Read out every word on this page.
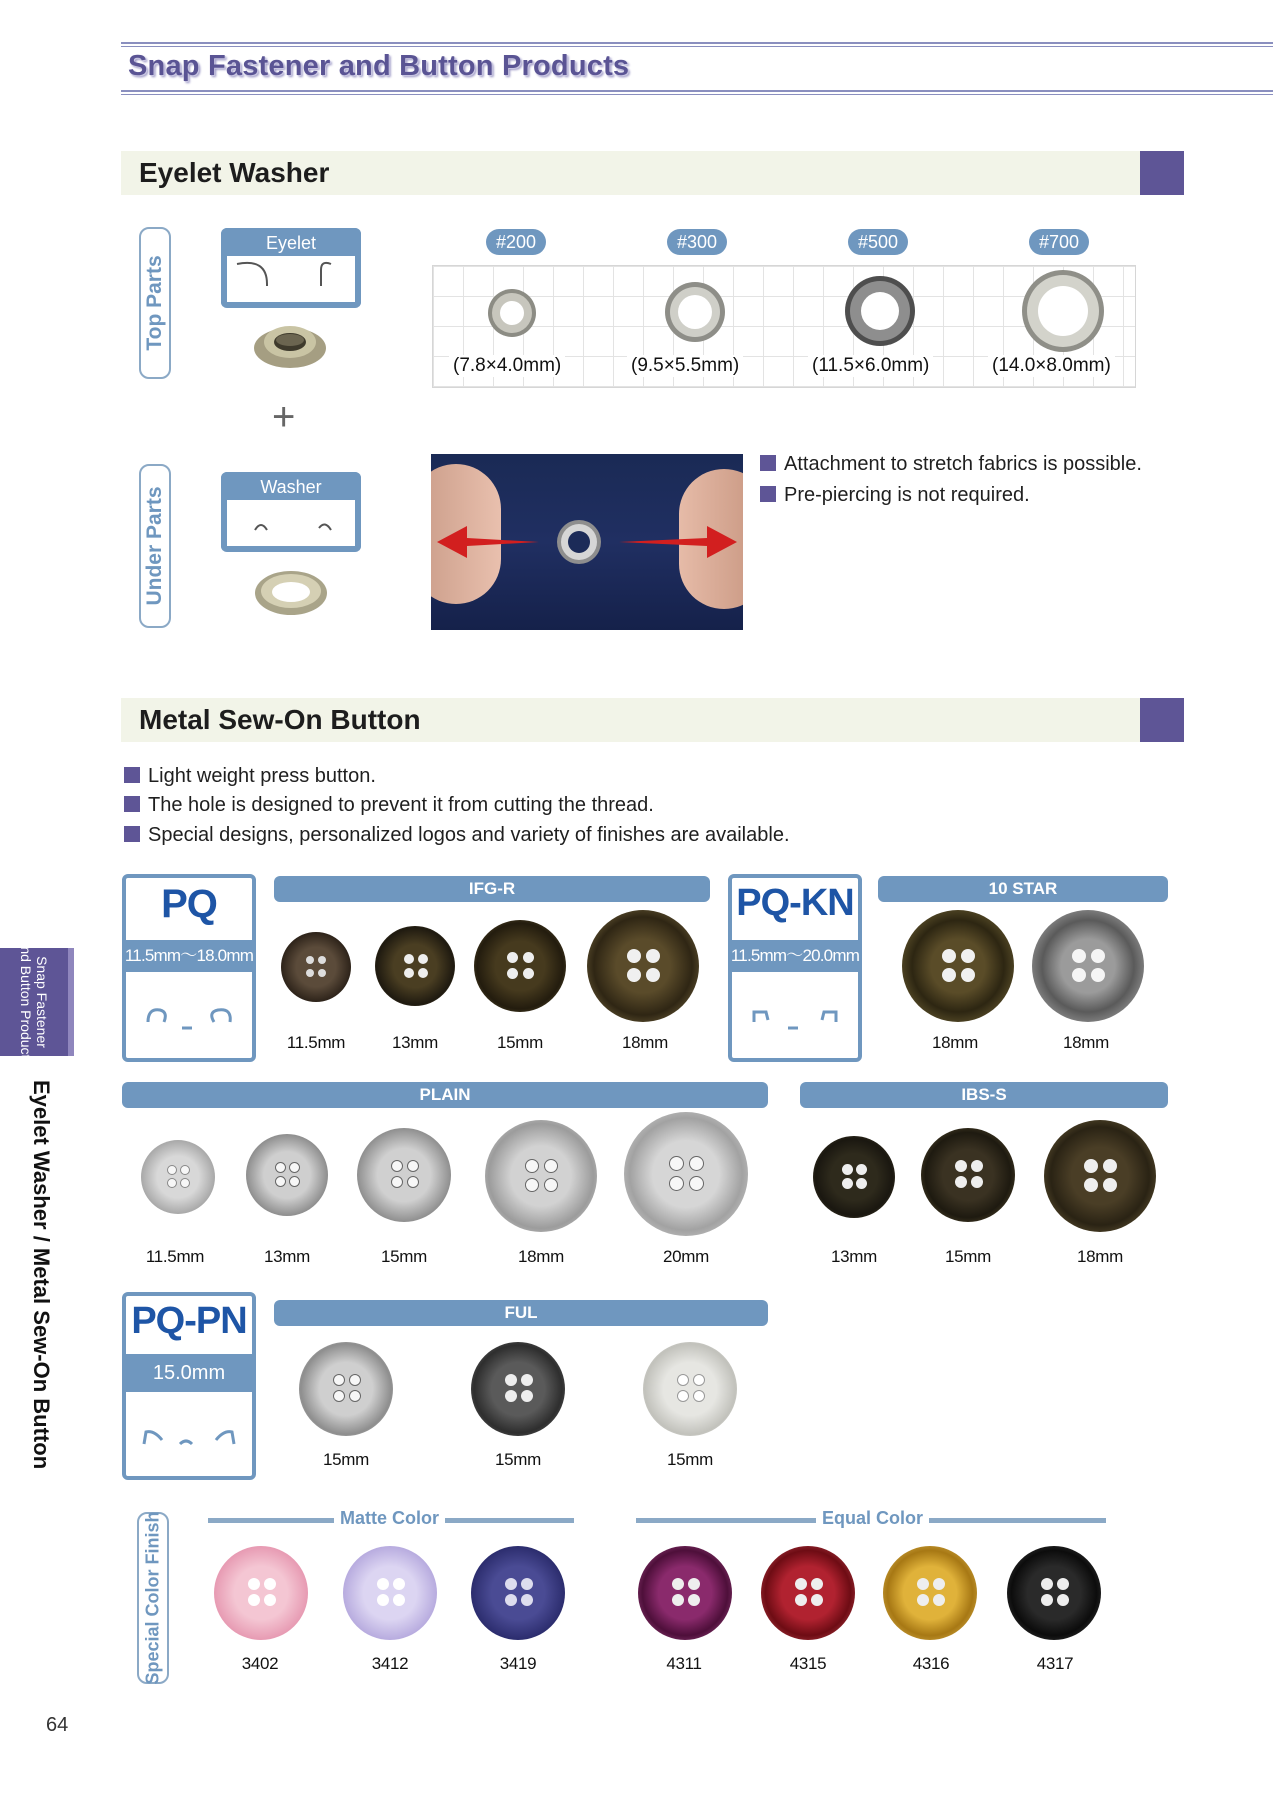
Snap Fastener and Button Products
Eyelet Washer
Top Parts
Under Parts
Eyelet
+
Washer
#200	#300	#500	#700
(7.8×4.0mm)	(9.5×5.5mm)	(11.5×6.0mm)	(14.0×8.0mm)
Attachment to stretch fabrics is possible.
Pre-piercing is not required.
Metal Sew-On Button
Light weight press button.
The hole is designed to prevent it from cutting the thread.
Special designs, personalized logos and variety of finishes are available.
PQ
11.5mm〜18.0mm
PQ-KN
11.5mm〜20.0mm
IFG-R
11.5mm	13mm	15mm	18mm
10 STAR
18mm	18mm
PLAIN
11.5mm	13mm	15mm	18mm	20mm
IBS-S
13mm	15mm	18mm
PQ-PN
15.0mm
FUL
15mm	15mm	15mm
Special Color Finish	Matte Color	Equal Color
3402	3412	3419	4311	4315	4316	4317
Snap Fastener
and Button Products
Eyelet Washer / Metal Sew-On Button
64
